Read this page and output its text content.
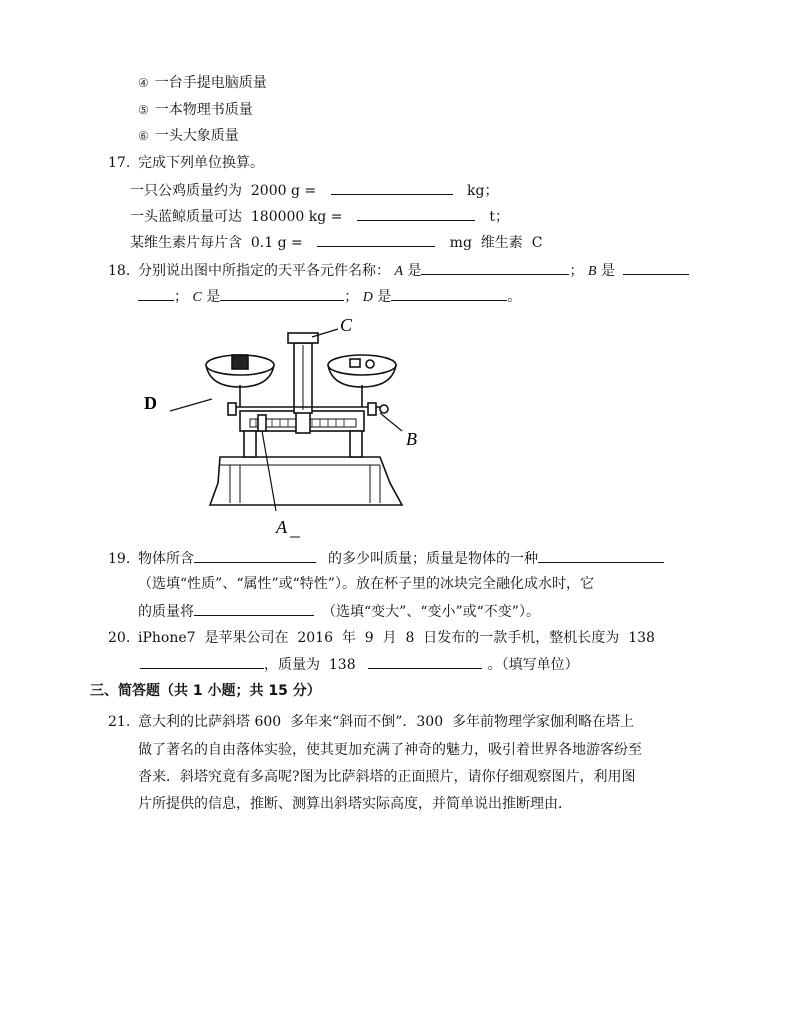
④ 一台手提电脑质量
⑤ 一本物理书质量
⑥ 一头大象质量
17. 完成下列单位换算。
一只公鸡质量约为  2000 g =	kg；
一头蓝鲸质量可达  180000 kg =	t；
某维生素片每片含  0.1 g =	mg  维生素  C
18. 分别说出图中所指定的天平各元件名称： A 是	； B 是
； C 是	； D 是	。
D
C
B
A
19. 物体所含	的多少叫质量；质量是物体的一种
（选填“性质”、“属性”或“特性”）。放在杯子里的冰块完全融化成水时，它
的质量将	（选填“变大”、“变小”或“不变”）。
20. iPhone7  是苹果公司在  2016  年  9  月  8  日发布的一款手机，整机长度为  138
，质量为  138	。（填写单位）
三、简答题（共 1 小题；共 15 分）
21. 意大利的比萨斜塔 600  多年来“斜而不倒”．300  多年前物理学家伽利略在塔上
做了著名的自由落体实验，使其更加充满了神奇的魅力，吸引着世界各地游客纷至
沓来．斜塔究竟有多高呢?图为比萨斜塔的正面照片，请你仔细观察图片，利用图
片所提供的信息，推断、测算出斜塔实际高度，并简单说出推断理由．
